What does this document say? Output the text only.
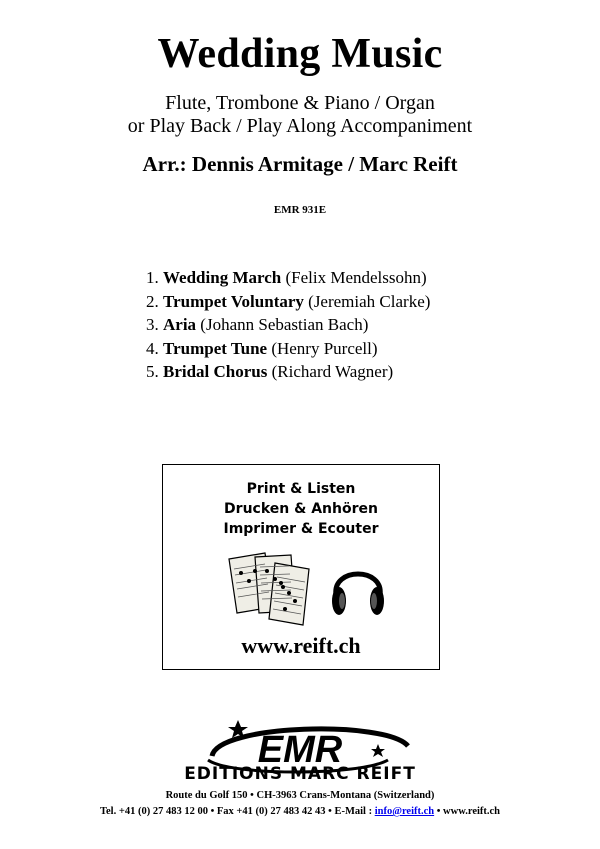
Wedding Music
Flute, Trombone & Piano / Organ
or Play Back / Play Along Accompaniment
Arr.: Dennis Armitage / Marc Reift
EMR 931E
1. Wedding March (Felix Mendelssohn)
2. Trumpet Voluntary (Jeremiah Clarke)
3. Aria (Johann Sebastian Bach)
4. Trumpet Tune (Henry Purcell)
5. Bridal Chorus (Richard Wagner)
Print & Listen
Drucken & Anhören
Imprimer & Ecouter
www.reift.ch
EMR
EDITIONS MARC REIFT
Route du Golf 150 • CH-3963 Crans-Montana (Switzerland)
Tel. +41 (0) 27 483 12 00 • Fax +41 (0) 27 483 42 43 • E-Mail : info@reift.ch • www.reift.ch
